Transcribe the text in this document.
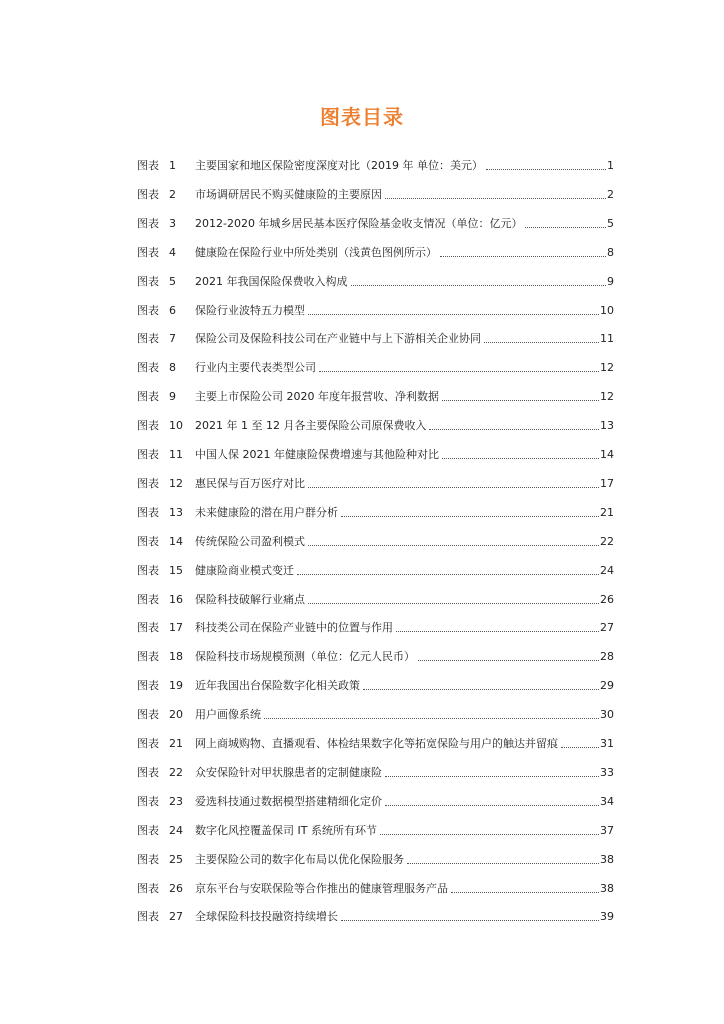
图表目录
图表 1	主要国家和地区保险密度深度对比（2019 年 单位：美元）	1
图表 2	市场调研居民不购买健康险的主要原因	2
图表 3	2012-2020 年城乡居民基本医疗保险基金收支情况（单位：亿元）	5
图表 4	健康险在保险行业中所处类别（浅黄色图例所示）	8
图表 5	2021 年我国保险保费收入构成	9
图表 6	保险行业波特五力模型	10
图表 7	保险公司及保险科技公司在产业链中与上下游相关企业协同	11
图表 8	行业内主要代表类型公司	12
图表 9	主要上市保险公司 2020 年度年报营收、净利数据	12
图表 10	2021 年 1 至 12 月各主要保险公司原保费收入	13
图表 11	中国人保 2021 年健康险保费增速与其他险种对比	14
图表 12	惠民保与百万医疗对比	17
图表 13	未来健康险的潜在用户群分析	21
图表 14	传统保险公司盈利模式	22
图表 15	健康险商业模式变迁	24
图表 16	保险科技破解行业痛点	26
图表 17	科技类公司在保险产业链中的位置与作用	27
图表 18	保险科技市场规模预测（单位：亿元人民币）	28
图表 19	近年我国出台保险数字化相关政策	29
图表 20	用户画像系统	30
图表 21	网上商城购物、直播观看、体检结果数字化等拓宽保险与用户的触达并留痕	31
图表 22	众安保险针对甲状腺患者的定制健康险	33
图表 23	爱选科技通过数据模型搭建精细化定价	34
图表 24	数字化风控覆盖保司 IT 系统所有环节	37
图表 25	主要保险公司的数字化布局以优化保险服务	38
图表 26	京东平台与安联保险等合作推出的健康管理服务产品	38
图表 27	全球保险科技投融资持续增长	39
